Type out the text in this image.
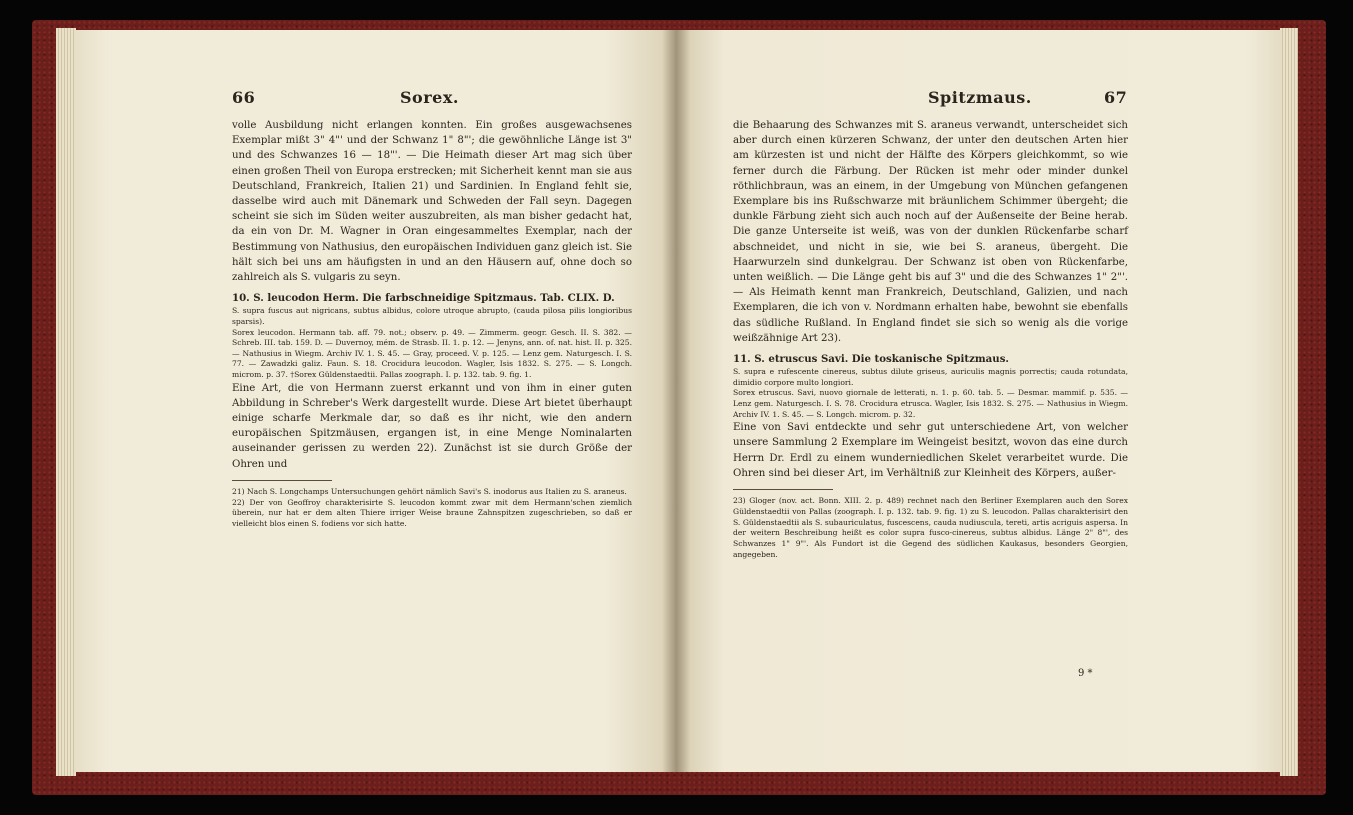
66	Sorex.

volle Ausbildung nicht erlangen konnten. Ein großes ausgewachsenes Exemplar mißt 3" 4"' und der Schwanz 1" 8"'; die gewöhnliche Länge ist 3" und des Schwanzes 16 — 18"'. — Die Heimath dieser Art mag sich über einen großen Theil von Europa erstrecken; mit Sicherheit kennt man sie aus Deutschland, Frankreich, Italien 21) und Sardinien. In England fehlt sie, dasselbe wird auch mit Dänemark und Schweden der Fall seyn. Dagegen scheint sie sich im Süden weiter auszubreiten, als man bisher gedacht hat, da ein von Dr. M. Wagner in Oran eingesammeltes Exemplar, nach der Bestimmung von Nathusius, den europäischen Individuen ganz gleich ist. Sie hält sich bei uns am häufigsten in und an den Häusern auf, ohne doch so zahlreich als S. vulgaris zu seyn.

10. S. leucodon Herm. Die farbschneidige Spitzmaus. Tab. CLIX. D.

S. supra fuscus aut nigricans, subtus albidus, colore utroque abrupto, (cauda pilosa pilis longioribus sparsis).

Sorex leucodon. Hermann tab. aff. 79. not.; observ. p. 49. — Zimmerm. geogr. Gesch. II. S. 382. — Schreb. III. tab. 159. D. — Duvernoy, mém. de Strasb. II. 1. p. 12. — Jenyns, ann. of. nat. hist. II. p. 325. — Nathusius in Wiegm. Archiv IV. 1. S. 45. — Gray, proceed. V. p. 125. — Lenz gem. Naturgesch. I. S. 77. — Zawadzki galiz. Faun. S. 18. Crocidura leucodon. Wagler, Isis 1832. S. 275. — S. Longch. microm. p. 37. †Sorex Güldenstaedtii. Pallas zoograph. I. p. 132. tab. 9. fig. 1.

Eine Art, die von Hermann zuerst erkannt und von ihm in einer guten Abbildung in Schreber's Werk dargestellt wurde. Diese Art bietet überhaupt einige scharfe Merkmale dar, so daß es ihr nicht, wie den andern europäischen Spitzmäusen, ergangen ist, in eine Menge Nominalarten auseinander gerissen zu werden 22). Zunächst ist sie durch Größe der Ohren und

21) Nach S. Longchamps Untersuchungen gehört nämlich Savi's S. inodorus aus Italien zu S. araneus.

22) Der von Geoffroy charakterisirte S. leucodon kommt zwar mit dem Hermann'schen ziemlich überein, nur hat er dem alten Thiere irriger Weise braune Zahnspitzen zugeschrieben, so daß er vielleicht blos einen S. fodiens vor sich hatte.

Spitzmaus.	67

die Behaarung des Schwanzes mit S. araneus verwandt, unterscheidet sich aber durch einen kürzeren Schwanz, der unter den deutschen Arten hier am kürzesten ist und nicht der Hälfte des Körpers gleichkommt, so wie ferner durch die Färbung. Der Rücken ist mehr oder minder dunkel röthlichbraun, was an einem, in der Umgebung von München gefangenen Exemplare bis ins Rußschwarze mit bräunlichem Schimmer übergeht; die dunkle Färbung zieht sich auch noch auf der Außenseite der Beine herab. Die ganze Unterseite ist weiß, was von der dunklen Rückenfarbe scharf abschneidet, und nicht in sie, wie bei S. araneus, übergeht. Die Haarwurzeln sind dunkelgrau. Der Schwanz ist oben von Rückenfarbe, unten weißlich. — Die Länge geht bis auf 3" und die des Schwanzes 1" 2"'. — Als Heimath kennt man Frankreich, Deutschland, Galizien, und nach Exemplaren, die ich von v. Nordmann erhalten habe, bewohnt sie ebenfalls das südliche Rußland. In England findet sie sich so wenig als die vorige weißzähnige Art 23).

11. S. etruscus Savi. Die toskanische Spitzmaus.

S. supra e rufescente cinereus, subtus dilute griseus, auriculis magnis porrectis; cauda rotundata, dimidio corpore multo longiori.

Sorex etruscus. Savi, nuovo giornale de letterati, n. 1. p. 60. tab. 5. — Desmar. mammif. p. 535. — Lenz gem. Naturgesch. I. S. 78. Crocidura etrusca. Wagler, Isis 1832. S. 275. — Nathusius in Wiegm. Archiv IV. 1. S. 45. — S. Longch. microm. p. 32.

Eine von Savi entdeckte und sehr gut unterschiedene Art, von welcher unsere Sammlung 2 Exemplare im Weingeist besitzt, wovon das eine durch Herrn Dr. Erdl zu einem wunderniedlichen Skelet verarbeitet wurde. Die Ohren sind bei dieser Art, im Verhältniß zur Kleinheit des Körpers, außer-

23) Gloger (nov. act. Bonn. XIII. 2. p. 489) rechnet nach den Berliner Exemplaren auch den Sorex Güldenstaedtii von Pallas (zoograph. I. p. 132. tab. 9. fig. 1) zu S. leucodon. Pallas charakterisirt den S. Güldenstaedtii als S. subauriculatus, fuscescens, cauda nudiuscula, tereti, artis acriguis aspersa. In der weitern Beschreibung heißt es color supra fusco-cinereus, subtus albidus. Länge 2" 8"', des Schwanzes 1" 9"'. Als Fundort ist die Gegend des südlichen Kaukasus, besonders Georgien, angegeben.

9 *
